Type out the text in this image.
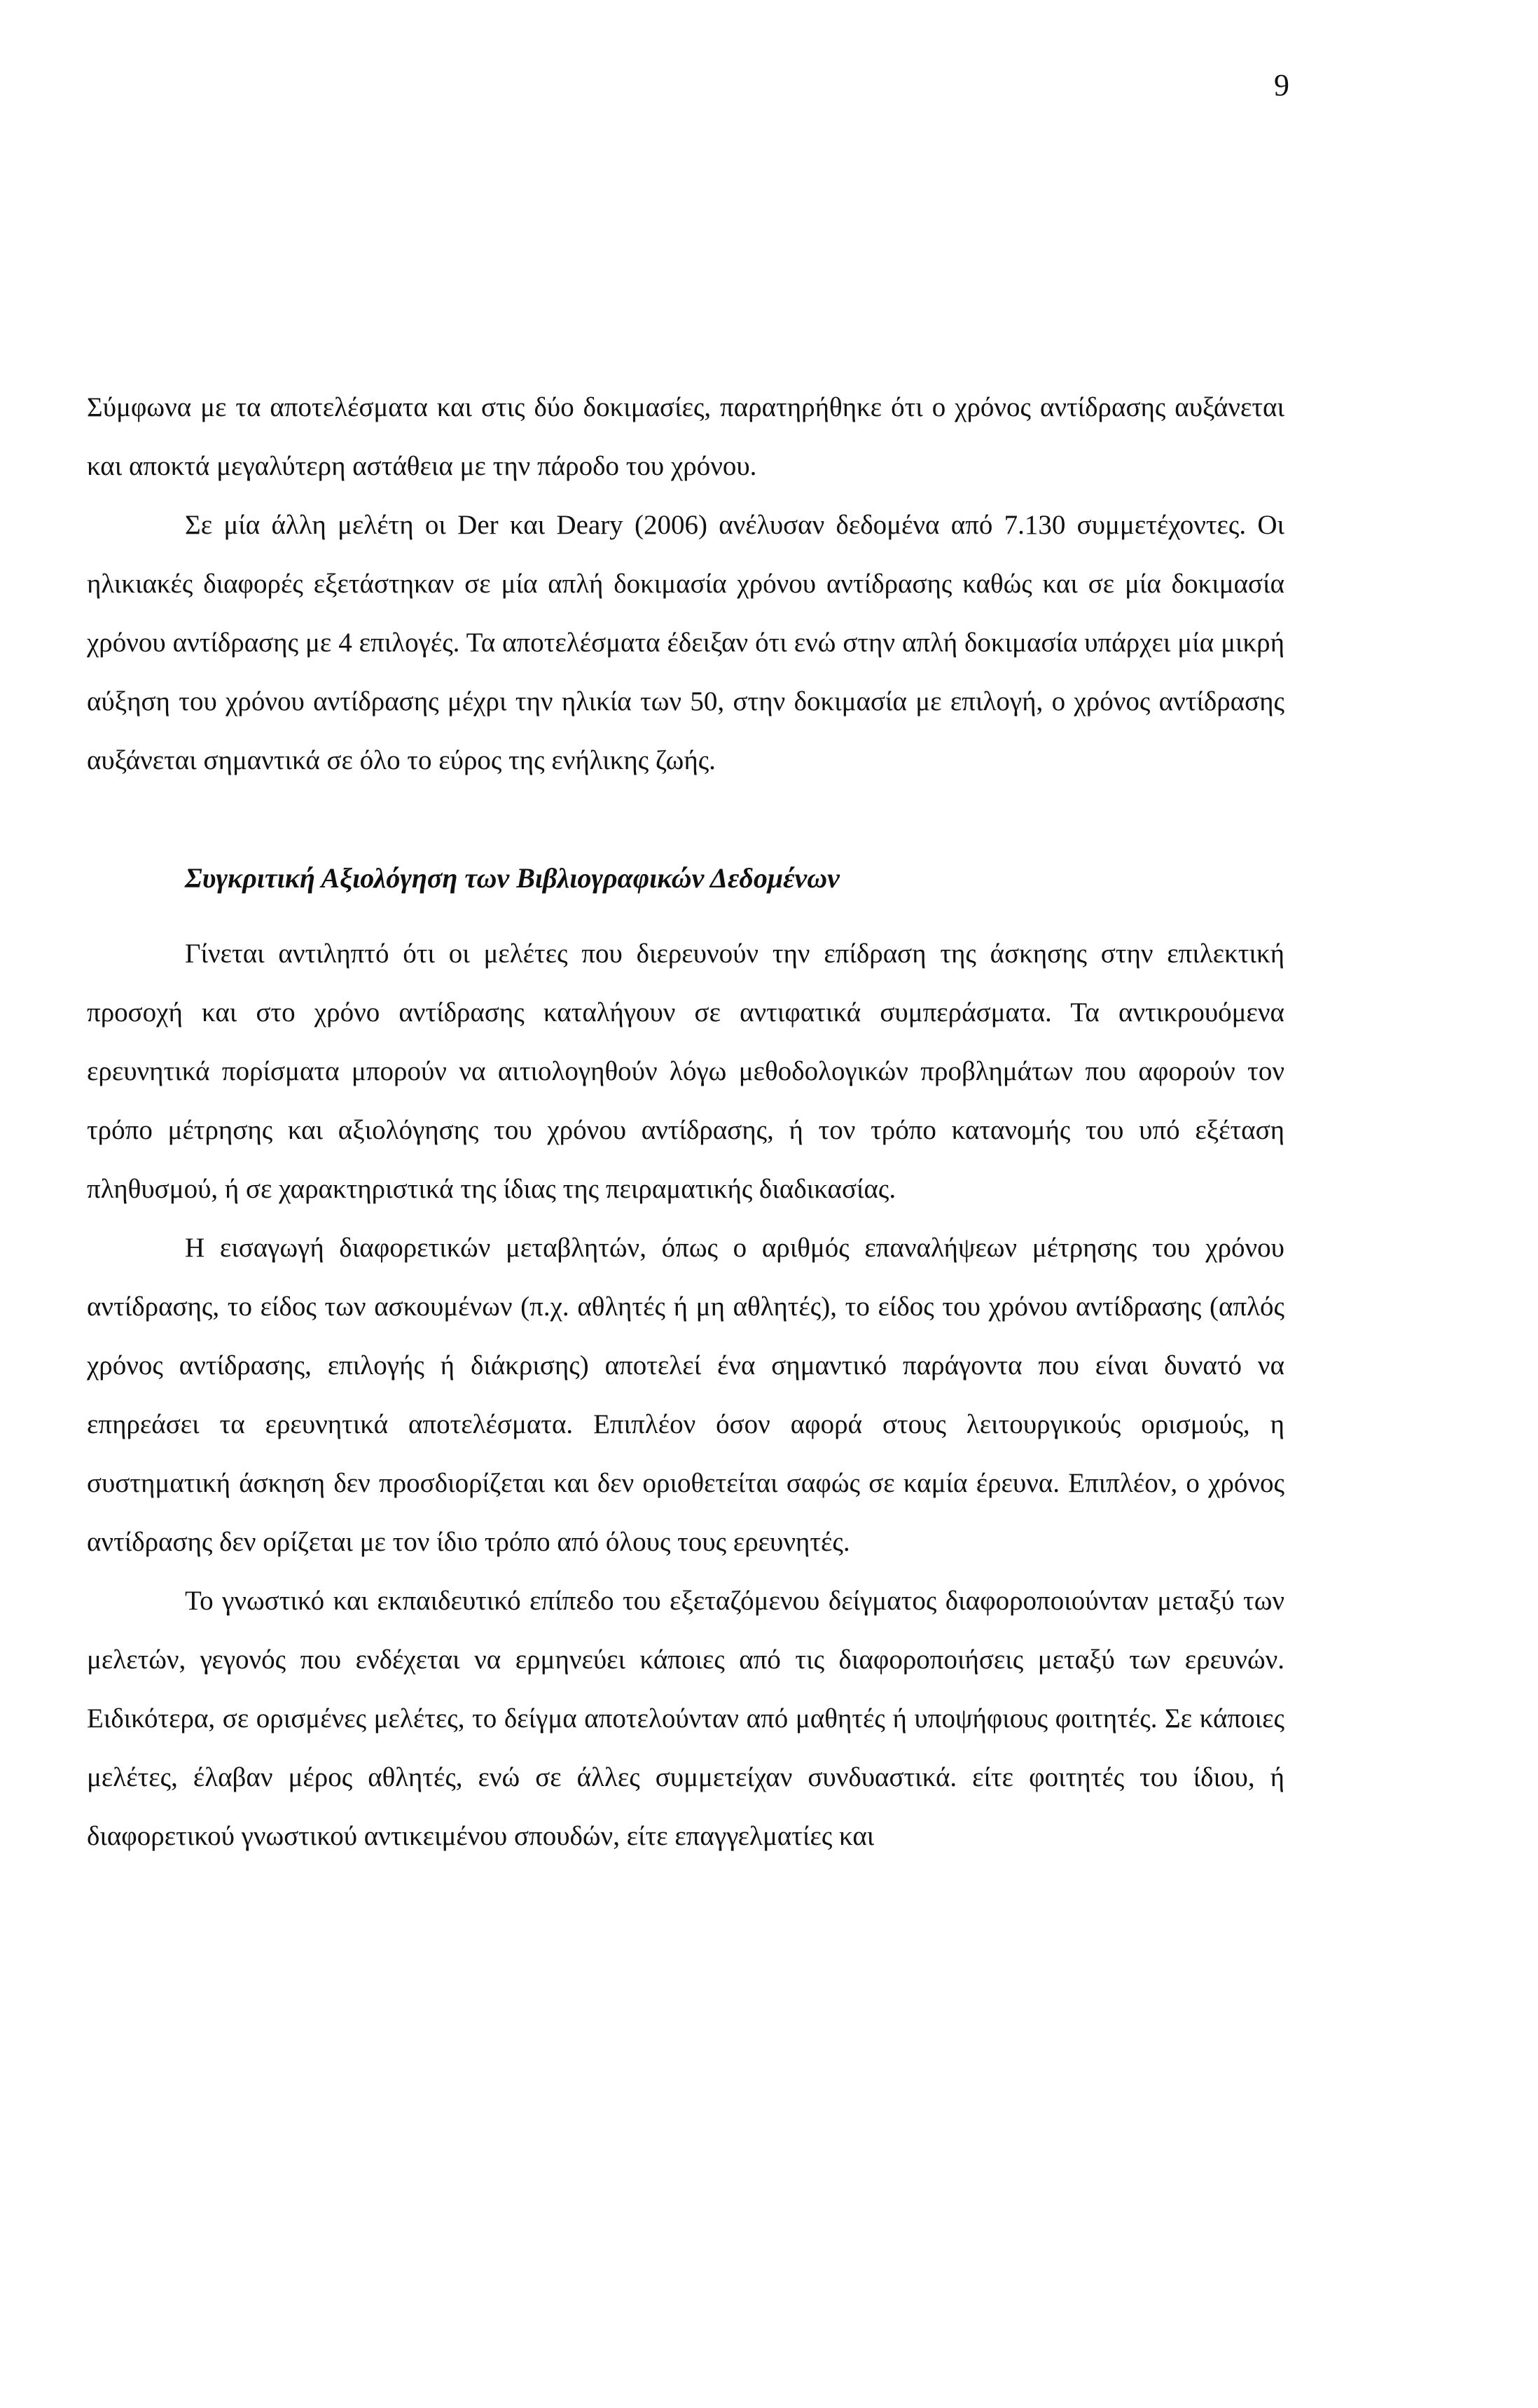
9

Σύμφωνα με τα αποτελέσματα και στις δύο δοκιμασίες, παρατηρήθηκε ότι ο χρόνος αντίδρασης αυξάνεται και αποκτά μεγαλύτερη αστάθεια με την πάροδο του χρόνου.

Σε μία άλλη μελέτη οι Der και Deary (2006) ανέλυσαν δεδομένα από 7.130 συμμετέχοντες. Οι ηλικιακές διαφορές εξετάστηκαν σε μία απλή δοκιμασία χρόνου αντίδρασης καθώς και σε μία δοκιμασία χρόνου αντίδρασης με 4 επιλογές. Τα αποτελέσματα έδειξαν ότι ενώ στην απλή δοκιμασία υπάρχει μία μικρή αύξηση του χρόνου αντίδρασης μέχρι την ηλικία των 50, στην δοκιμασία με επιλογή, ο χρόνος αντίδρασης αυξάνεται σημαντικά σε όλο το εύρος της ενήλικης ζωής.

Συγκριτική Αξιολόγηση των Βιβλιογραφικών Δεδομένων

Γίνεται αντιληπτό ότι οι μελέτες που διερευνούν την επίδραση της άσκησης στην επιλεκτική προσοχή και στο χρόνο αντίδρασης καταλήγουν σε αντιφατικά συμπεράσματα. Τα αντικρουόμενα ερευνητικά πορίσματα μπορούν να αιτιολογηθούν λόγω μεθοδολογικών προβλημάτων που αφορούν τον τρόπο μέτρησης και αξιολόγησης του χρόνου αντίδρασης, ή τον τρόπο κατανομής του υπό εξέταση πληθυσμού, ή σε χαρακτηριστικά της ίδιας της πειραματικής διαδικασίας.

Η εισαγωγή διαφορετικών μεταβλητών, όπως ο αριθμός επαναλήψεων μέτρησης του χρόνου αντίδρασης, το είδος των ασκουμένων (π.χ. αθλητές ή μη αθλητές), το είδος του χρόνου αντίδρασης (απλός χρόνος αντίδρασης, επιλογής ή διάκρισης) αποτελεί ένα σημαντικό παράγοντα που είναι δυνατό να επηρεάσει τα ερευνητικά αποτελέσματα. Επιπλέον όσον αφορά στους λειτουργικούς ορισμούς, η συστηματική άσκηση δεν προσδιορίζεται και δεν οριοθετείται σαφώς σε καμία έρευνα. Επιπλέον, ο χρόνος αντίδρασης δεν ορίζεται με τον ίδιο τρόπο από όλους τους ερευνητές.

Το γνωστικό και εκπαιδευτικό επίπεδο του εξεταζόμενου δείγματος διαφοροποιούνταν μεταξύ των μελετών, γεγονός που ενδέχεται να ερμηνεύει κάποιες από τις διαφοροποιήσεις μεταξύ των ερευνών. Ειδικότερα, σε ορισμένες μελέτες, το δείγμα αποτελούνταν από μαθητές ή υποψήφιους φοιτητές. Σε κάποιες μελέτες, έλαβαν μέρος αθλητές, ενώ σε άλλες συμμετείχαν συνδυαστικά. είτε φοιτητές του ίδιου, ή διαφορετικού γνωστικού αντικειμένου σπουδών, είτε επαγγελματίες και
